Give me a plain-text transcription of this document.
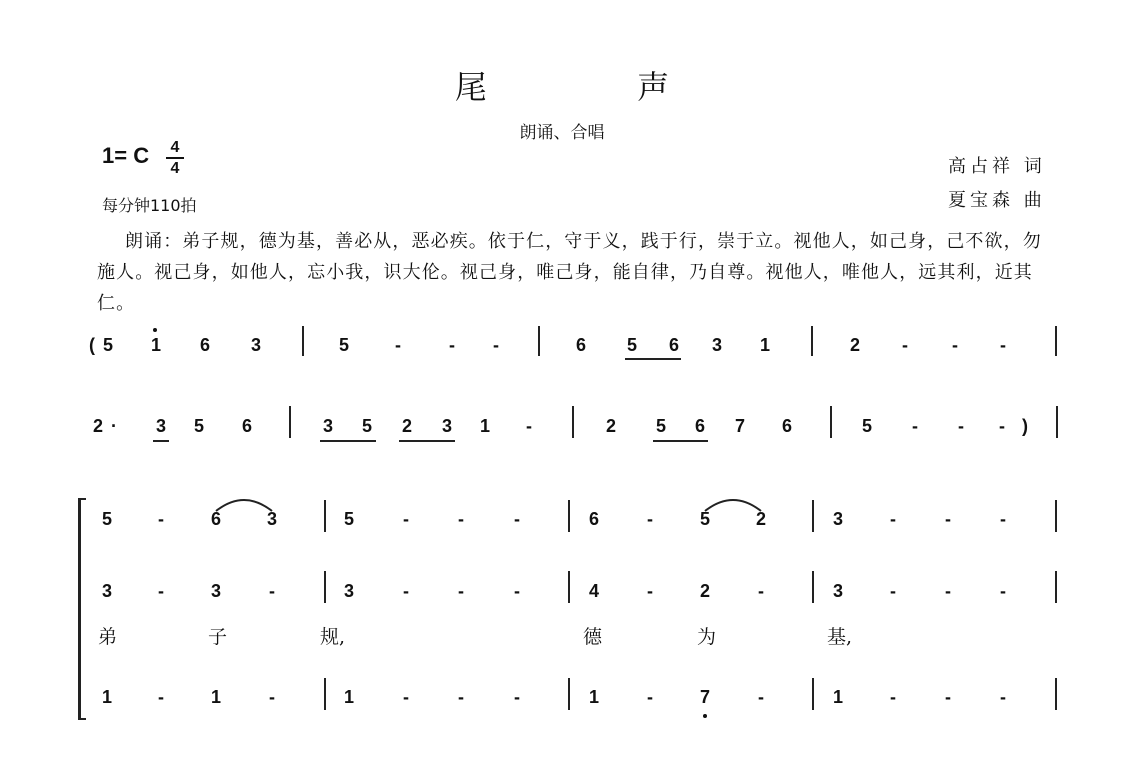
尾 声
朗诵、合唱
1= C 4
4
每分钟110拍
高占祥 词
夏宝森 曲
朗诵：弟子规，德为基，善必从，恶必疾。依于仁，守于义，践于行，崇于立。视他人，如己身，己不欲，勿施人。视己身，如他人，忘小我，识大伦。视己身，唯己身，能自律，乃自尊。视他人，唯他人，远其利，近其仁。
( 5 1 6 3	5	-	-	-	6 5 6 3 1	2	-	-	-
2 ·	3 5 6	3 5 2 3 1	-	2 5 6 7 6	5	-	-	- )
5	-	6	3	5	-	-	-	6	-	5	2	3	-	-	-
3	-	3	-	3	-	-	-	4	-	2	-	3	-	-	-
弟	子	规,	德	为	基,
1	-	1	-	1	-	-	-	1	-	7	-	1	-	-	-
